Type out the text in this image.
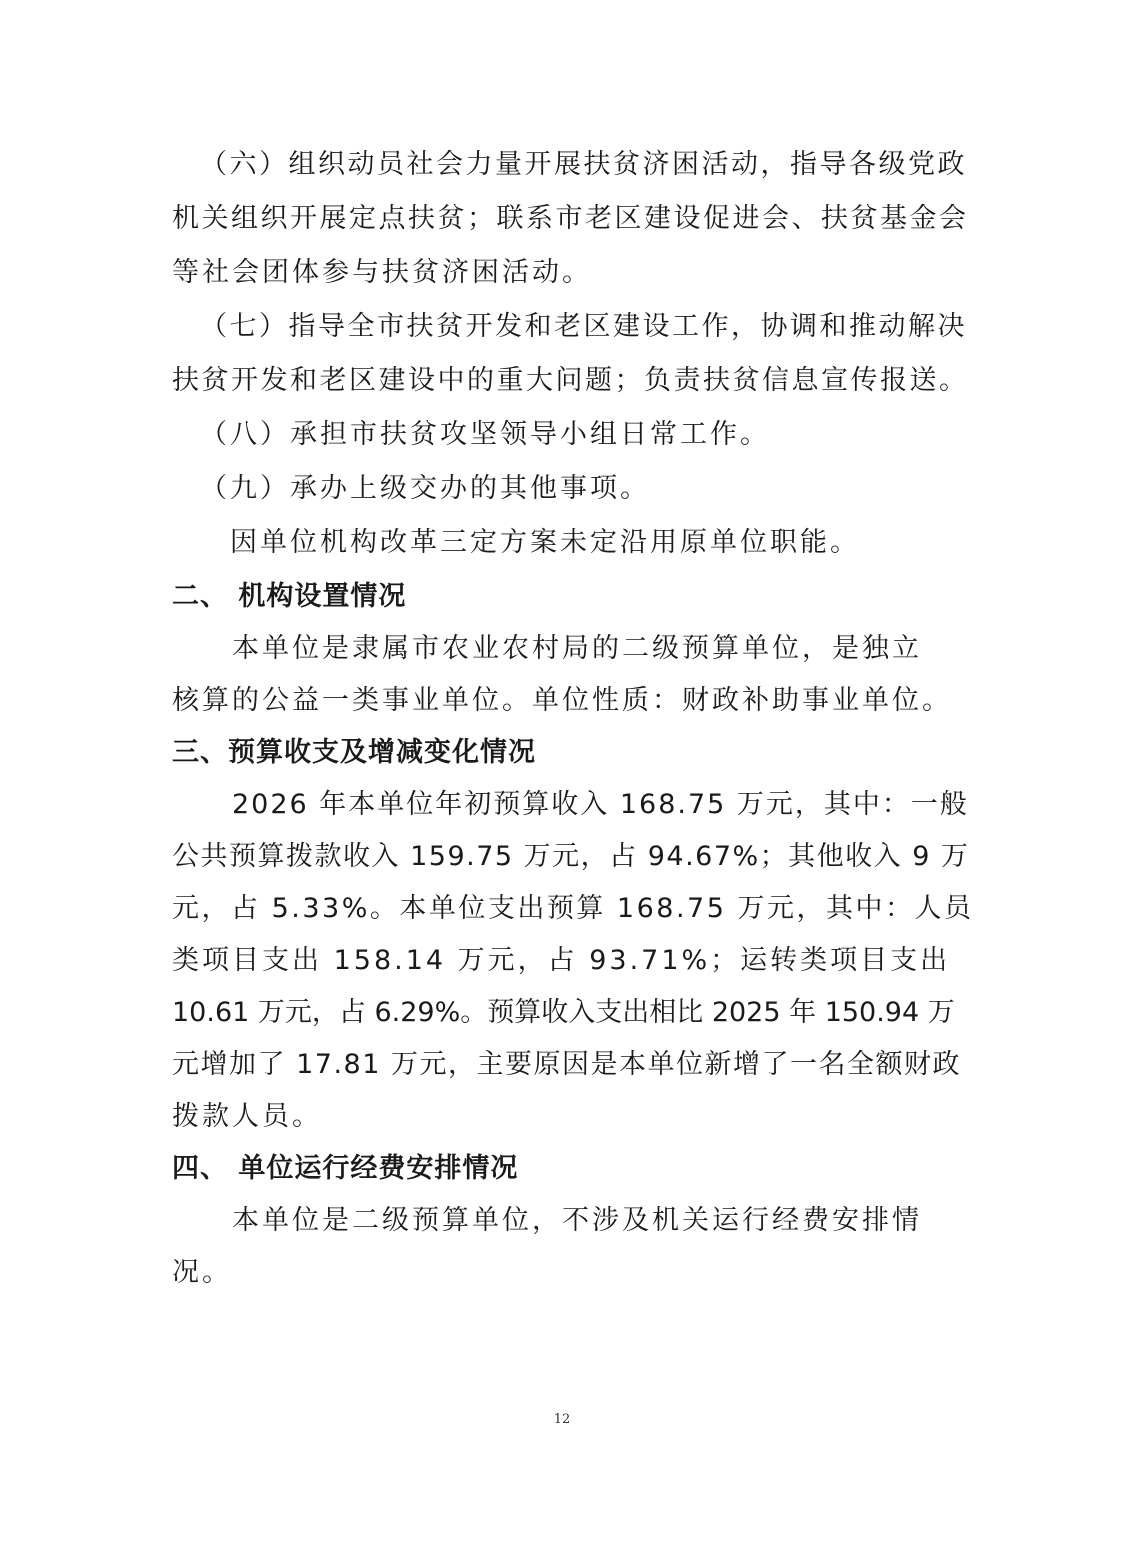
（六）组织动员社会力量开展扶贫济困活动，指导各级党政
机关组织开展定点扶贫；联系市老区建设促进会、扶贫基金会
等社会团体参与扶贫济困活动。
（七）指导全市扶贫开发和老区建设工作，协调和推动解决
扶贫开发和老区建设中的重大问题；负责扶贫信息宣传报送。
（八）承担市扶贫攻坚领导小组日常工作。
（九）承办上级交办的其他事项。
因单位机构改革三定方案未定沿用原单位职能。
二、 机构设置情况
本单位是隶属市农业农村局的二级预算单位，是独立
核算的公益一类事业单位。单位性质：财政补助事业单位。
三、预算收支及增减变化情况
2026 年本单位年初预算收入 168.75 万元，其中：一般
公共预算拨款收入 159.75 万元，占 94.67%；其他收入 9 万
元，占 5.33%。本单位支出预算 168.75 万元，其中：人员
类项目支出 158.14 万元，占 93.71%；运转类项目支出
10.61 万元，占 6.29%。预算收入支出相比 2025 年 150.94 万
元增加了 17.81 万元，主要原因是本单位新增了一名全额财政
拨款人员。
四、 单位运行经费安排情况
本单位是二级预算单位，不涉及机关运行经费安排情
况。
12
